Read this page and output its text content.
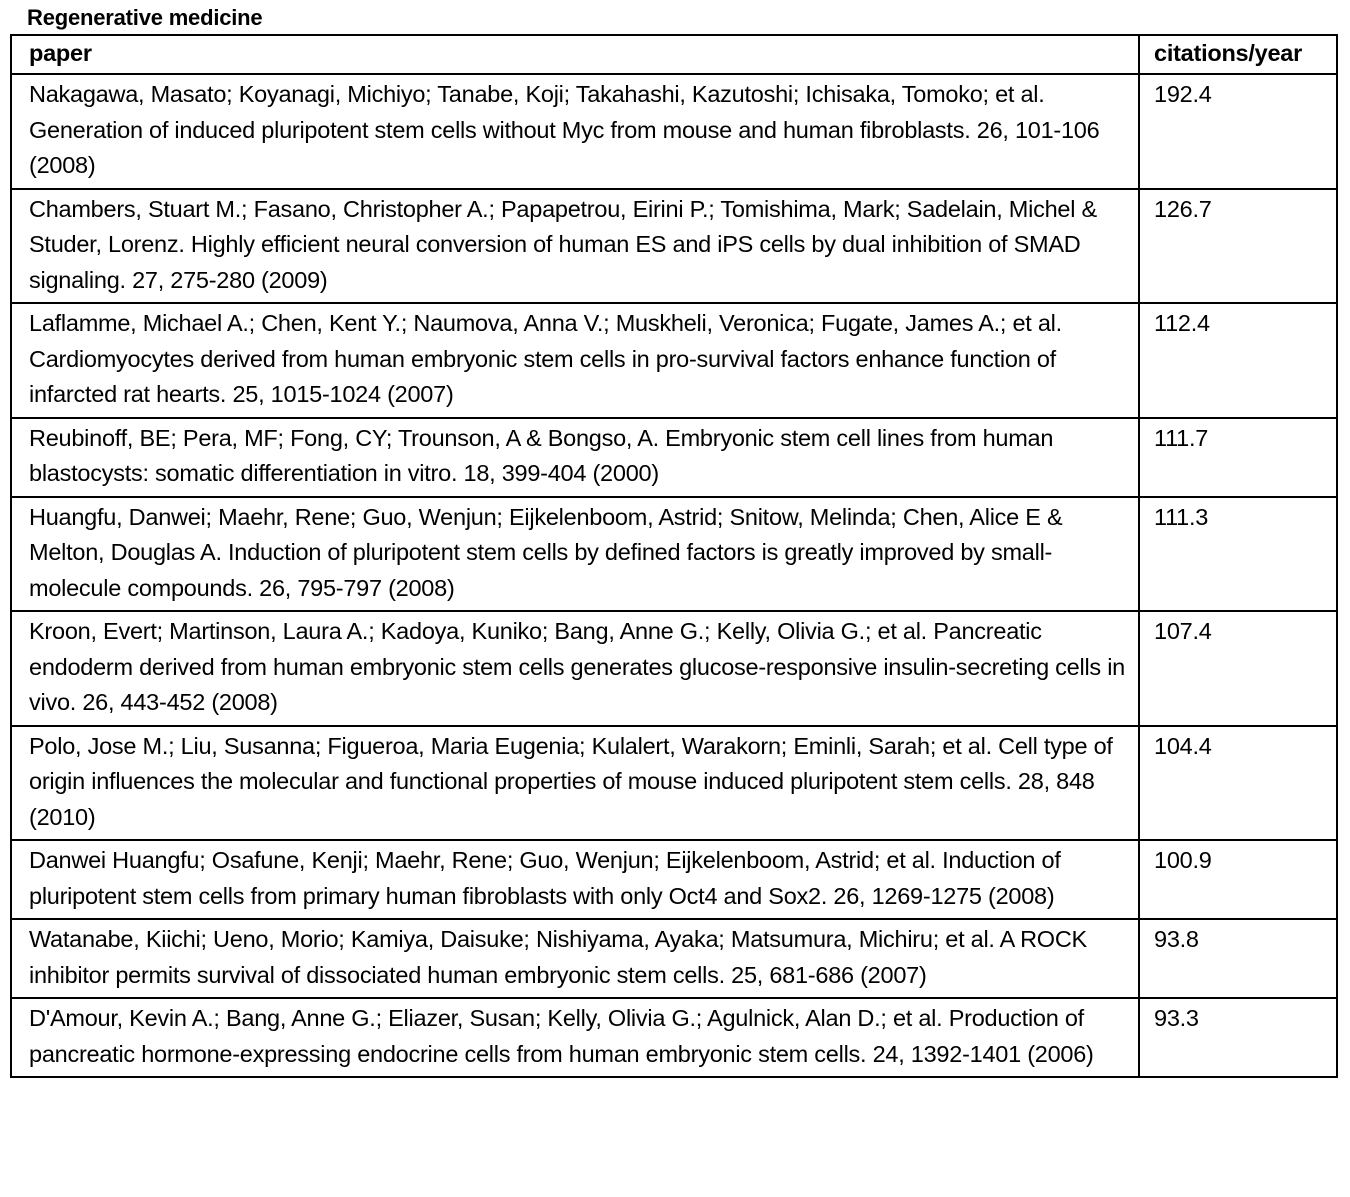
Regenerative medicine
paper	citations/year

Nakagawa, Masato; Koyanagi, Michiyo; Tanabe, Koji; Takahashi, Kazutoshi; Ichisaka, Tomoko; et al. Generation of induced pluripotent stem cells without Myc from mouse and human fibroblasts. 26, 101-106 (2008)	192.4

Chambers, Stuart M.; Fasano, Christopher A.; Papapetrou, Eirini P.; Tomishima, Mark; Sadelain, Michel & Studer, Lorenz. Highly efficient neural conversion of human ES and iPS cells by dual inhibition of SMAD signaling. 27, 275-280 (2009)	126.7

Laflamme, Michael A.; Chen, Kent Y.; Naumova, Anna V.; Muskheli, Veronica; Fugate, James A.; et al. Cardiomyocytes derived from human embryonic stem cells in pro-survival factors enhance function of infarcted rat hearts. 25, 1015-1024 (2007)	112.4

Reubinoff, BE; Pera, MF; Fong, CY; Trounson, A & Bongso, A. Embryonic stem cell lines from human blastocysts: somatic differentiation in vitro. 18, 399-404 (2000)	111.7

Huangfu, Danwei; Maehr, Rene; Guo, Wenjun; Eijkelenboom, Astrid; Snitow, Melinda; Chen, Alice E & Melton, Douglas A. Induction of pluripotent stem cells by defined factors is greatly improved by small-molecule compounds. 26, 795-797 (2008)	111.3

Kroon, Evert; Martinson, Laura A.; Kadoya, Kuniko; Bang, Anne G.; Kelly, Olivia G.; et al. Pancreatic endoderm derived from human embryonic stem cells generates glucose-responsive insulin-secreting cells in vivo. 26, 443-452 (2008)	107.4

Polo, Jose M.; Liu, Susanna; Figueroa, Maria Eugenia; Kulalert, Warakorn; Eminli, Sarah; et al. Cell type of origin influences the molecular and functional properties of mouse induced pluripotent stem cells. 28, 848 (2010)	104.4

Danwei Huangfu; Osafune, Kenji; Maehr, Rene; Guo, Wenjun; Eijkelenboom, Astrid; et al. Induction of pluripotent stem cells from primary human fibroblasts with only Oct4 and Sox2. 26, 1269-1275 (2008)	100.9

Watanabe, Kiichi; Ueno, Morio; Kamiya, Daisuke; Nishiyama, Ayaka; Matsumura, Michiru; et al. A ROCK inhibitor permits survival of dissociated human embryonic stem cells. 25, 681-686 (2007)	93.8

D'Amour, Kevin A.; Bang, Anne G.; Eliazer, Susan; Kelly, Olivia G.; Agulnick, Alan D.; et al. Production of pancreatic hormone-expressing endocrine cells from human embryonic stem cells. 24, 1392-1401 (2006)	93.3
